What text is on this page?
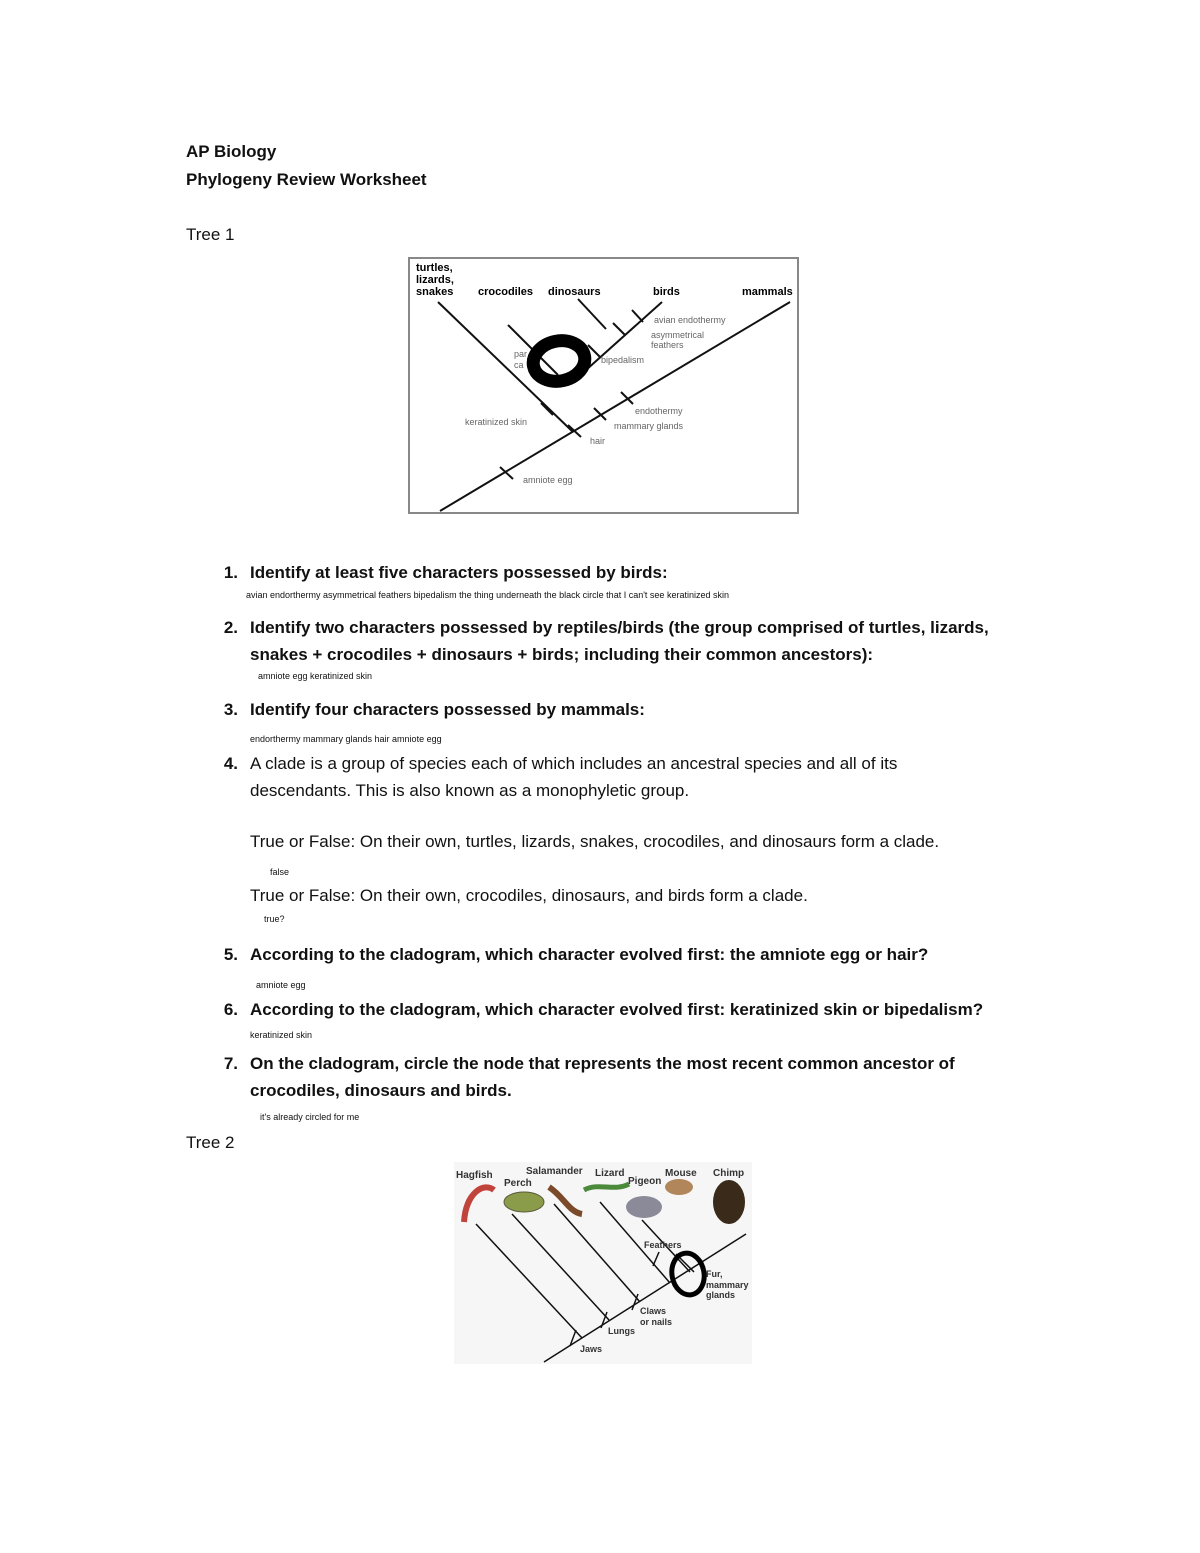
AP Biology
Phylogeny Review Worksheet
Tree 1
turtles,
lizards,
snakes crocodiles dinosaurs	birds	mammals
avian endothermy
asymmetrical
feathers
bipedalism
par
ca
endothermy
mammary glands
keratinized skin
hair
amniote egg
1. Identify at least five characters possessed by birds:
avian endorthermy asymmetrical feathers bipedalism the thing underneath the black circle that I can't see keratinized skin
2. Identify two characters possessed by reptiles/birds (the group comprised of turtles, lizards, snakes + crocodiles + dinosaurs + birds; including their common ancestors):
amniote egg keratinized skin
3. Identify four characters possessed by mammals:
endorthermy mammary glands hair amniote egg
4. A clade is a group of species each of which includes an ancestral species and all of its descendants. This is also known as a monophyletic group.
True or False: On their own, turtles, lizards, snakes, crocodiles, and dinosaurs form a clade.
false
True or False: On their own, crocodiles, dinosaurs, and birds form a clade.
true?
5. According to the cladogram, which character evolved first: the amniote egg or hair?
amniote egg
6. According to the cladogram, which character evolved first: keratinized skin or bipedalism?
keratinized skin
7. On the cladogram, circle the node that represents the most recent common ancestor of crocodiles, dinosaurs and birds.
it's already circled for me
Tree 2
Hagfish
Perch
Salamander Lizard
Pigeon
Mouse Chimp
Jaws
Lungs
Claws
or nails
Feathers
Fur,
mammary
glands
